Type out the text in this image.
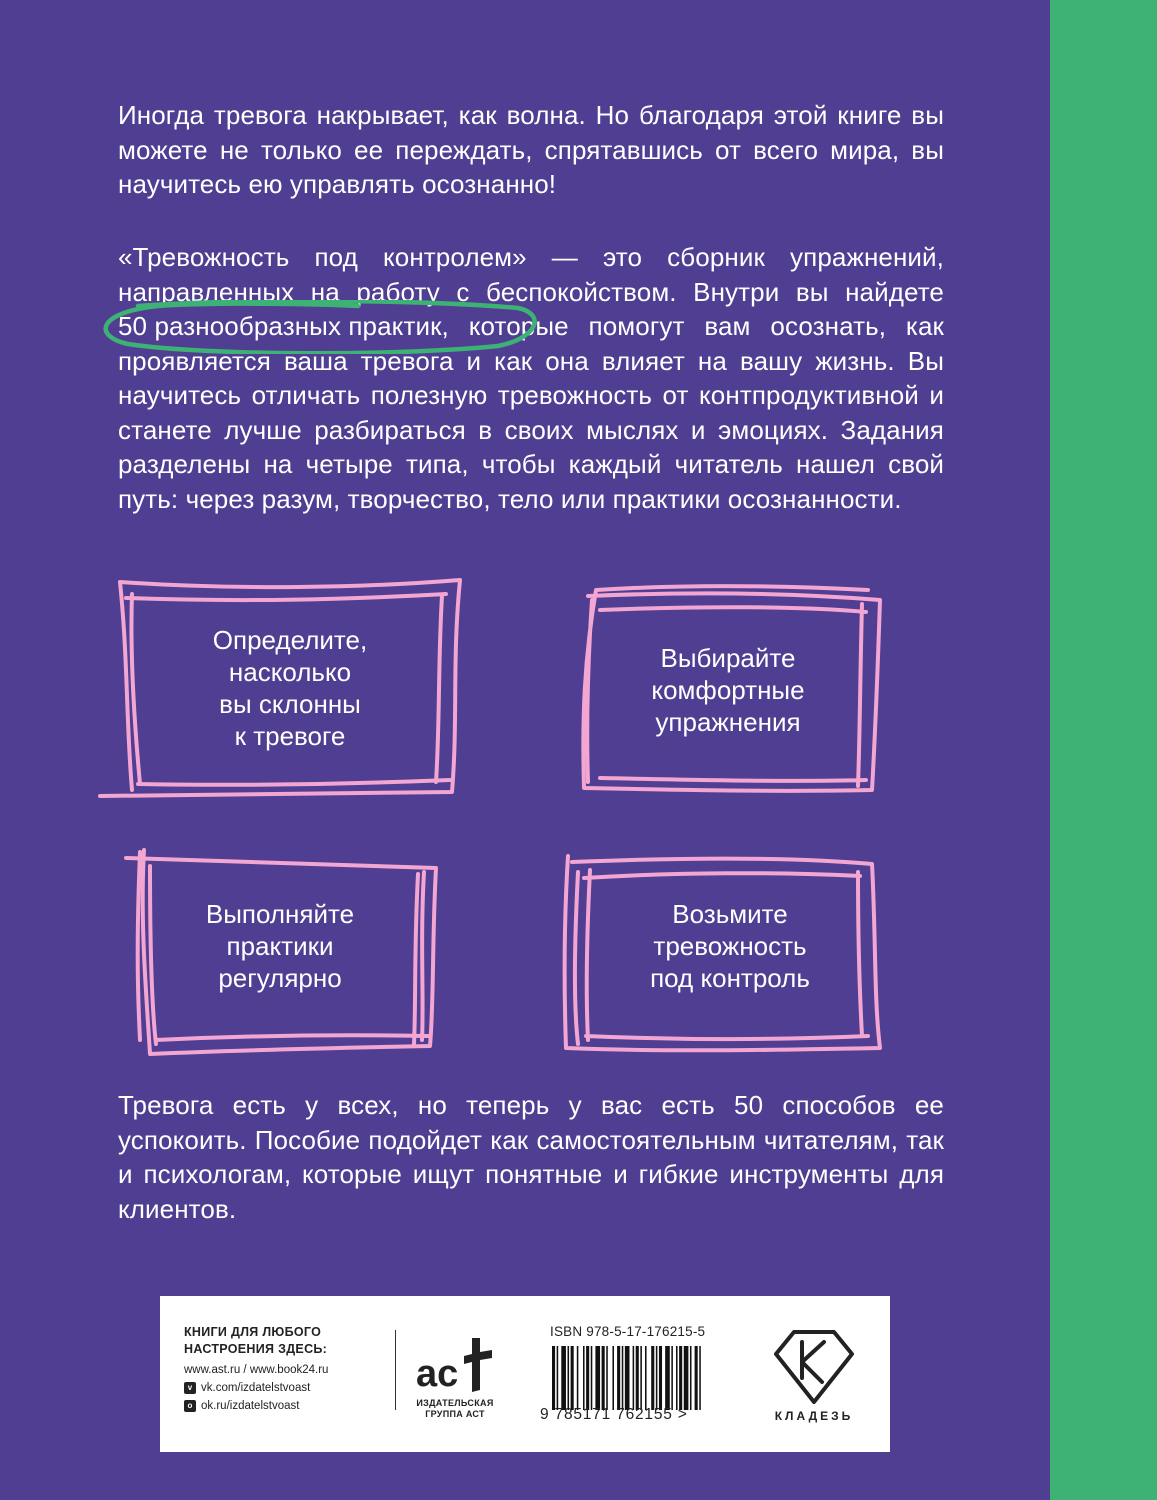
Иногда тревога накрывает, как волна. Но благодаря этой книге вы можете не только ее переждать, спрятавшись от всего мира, вы научитесь ею управлять осознанно!

«Тревожность под контролем» — это сборник упражнений, направленных на работу с беспокойством. Внутри вы найдете
50 разнообразных практик, которые помогут вам осознать, как проявляется ваша тревога и как она влияет на вашу жизнь. Вы научитесь отличать полезную тревожность от контпродуктивной и станете лучше разбираться в своих мыслях и эмоциях. Задания разделены на четыре типа, чтобы каждый читатель нашел свой путь: через разум, творчество, тело или практики осознанности.

Определите,
насколько
вы склонны
к тревоге
Выбирайте
комфортные
упражнения
Выполняйте
практики
регулярно
Возьмите
тревожность
под контроль

Тревога есть у всех, но теперь у вас есть 50 способов ее успокоить. Пособие подойдет как самостоятельным читателям, так и психологам, которые ищут понятные и гибкие инструменты для клиентов.

КНИГИ ДЛЯ ЛЮБОГО
НАСТРОЕНИЯ ЗДЕСЬ:
www.ast.ru / www.book24.ru
v vk.com/izdatelstvoast
o ok.ru/izdatelstvoast
ac
ИЗДАТЕЛЬСКАЯ
ГРУППА АСТ
ISBN 978-5-17-176215-5
9 785171 762155 >	КЛАДЕЗЬ
